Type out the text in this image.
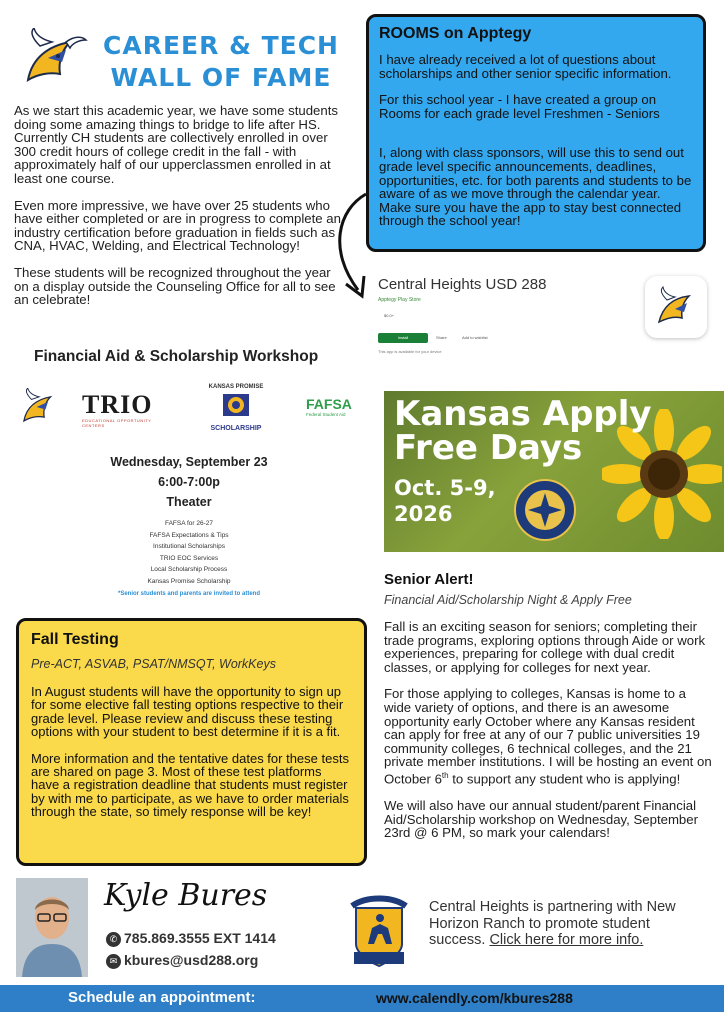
CAREER & TECH
WALL OF FAME

As we start this academic year, we have some students doing some amazing things to bridge to life after HS. Currently CH students are collectively enrolled in over 300 credit hours of college credit in the fall - with approximately half of our upperclassmen enrolled in at least one course.

Even more impressive, we have over 25 students who have either completed or are in progress to complete an industry certification before graduation in fields such as CNA, HVAC, Welding, and Electrical Technology!

These students will be recognized throughout the year on a display outside the Counseling Office for all to see an celebrate!

ROOMS on Apptegy

I have already received a lot of questions about scholarships and other senior specific information.

For this school year - I have created a group on Rooms for each grade level Freshmen - Seniors

I, along with class sponsors, will use this to send out grade level specific announcements, deadlines, opportunities, etc. for both parents and students to be aware of as we move through the calendar year. Make sure you have the app to stay best connected through the school year!

Central Heights USD 288
Apptegy Play Store
$0.0+
Install	Share	Add to wishlist
This app is available for your device
Financial Aid & Scholarship Workshop
TRIO
EDUCATIONAL OPPORTUNITY CENTERS
KANSAS PROMISE
SCHOLARSHIP
FAFSA
Federal Student Aid
Wednesday, September 23
6:00-7:00p
Theater
FAFSA for 26-27
FAFSA Expectations & Tips
Institutional Scholarships
TRIO EOC Services
Local Scholarship Process
Kansas Promise Scholarship
*Senior students and parents are invited to attend
Kansas Apply
Free Days
Oct. 5-9,
2026
Senior Alert!
Financial Aid/Scholarship Night & Apply Free

Fall is an exciting season for seniors; completing their trade programs, exploring options through Aide or work experiences, preparing for college with dual credit classes, or applying for colleges for next year.

For those applying to colleges, Kansas is home to a wide variety of options, and there is an awesome opportunity early October where any Kansas resident can apply for free at any of our 7 public universities 19 community colleges, 6 technical colleges, and the 21 private member institutions. I will be hosting an event on October 6th to support any student who is applying!

We will also have our annual student/parent Financial Aid/Scholarship workshop on Wednesday, September 23rd @ 6 PM, so mark your calendars!

Fall Testing
Pre-ACT, ASVAB, PSAT/NMSQT, WorkKeys

In August students will have the opportunity to sign up for some elective fall testing options respective to their grade level. Please review and discuss these testing options with your student to best determine if it is a fit.

More information and the tentative dates for these tests are shared on page 3. Most of these test platforms have a registration deadline that students must register by with me to participate, as we have to order materials through the state, so timely response will be key!

Kyle Bures
✆ 785.869.3555 EXT 1414
✉ kbures@usd288.org
Central Heights is partnering with New Horizon Ranch to promote student success. Click here for more info.
Schedule an appointment:	www.calendly.com/kbures288
